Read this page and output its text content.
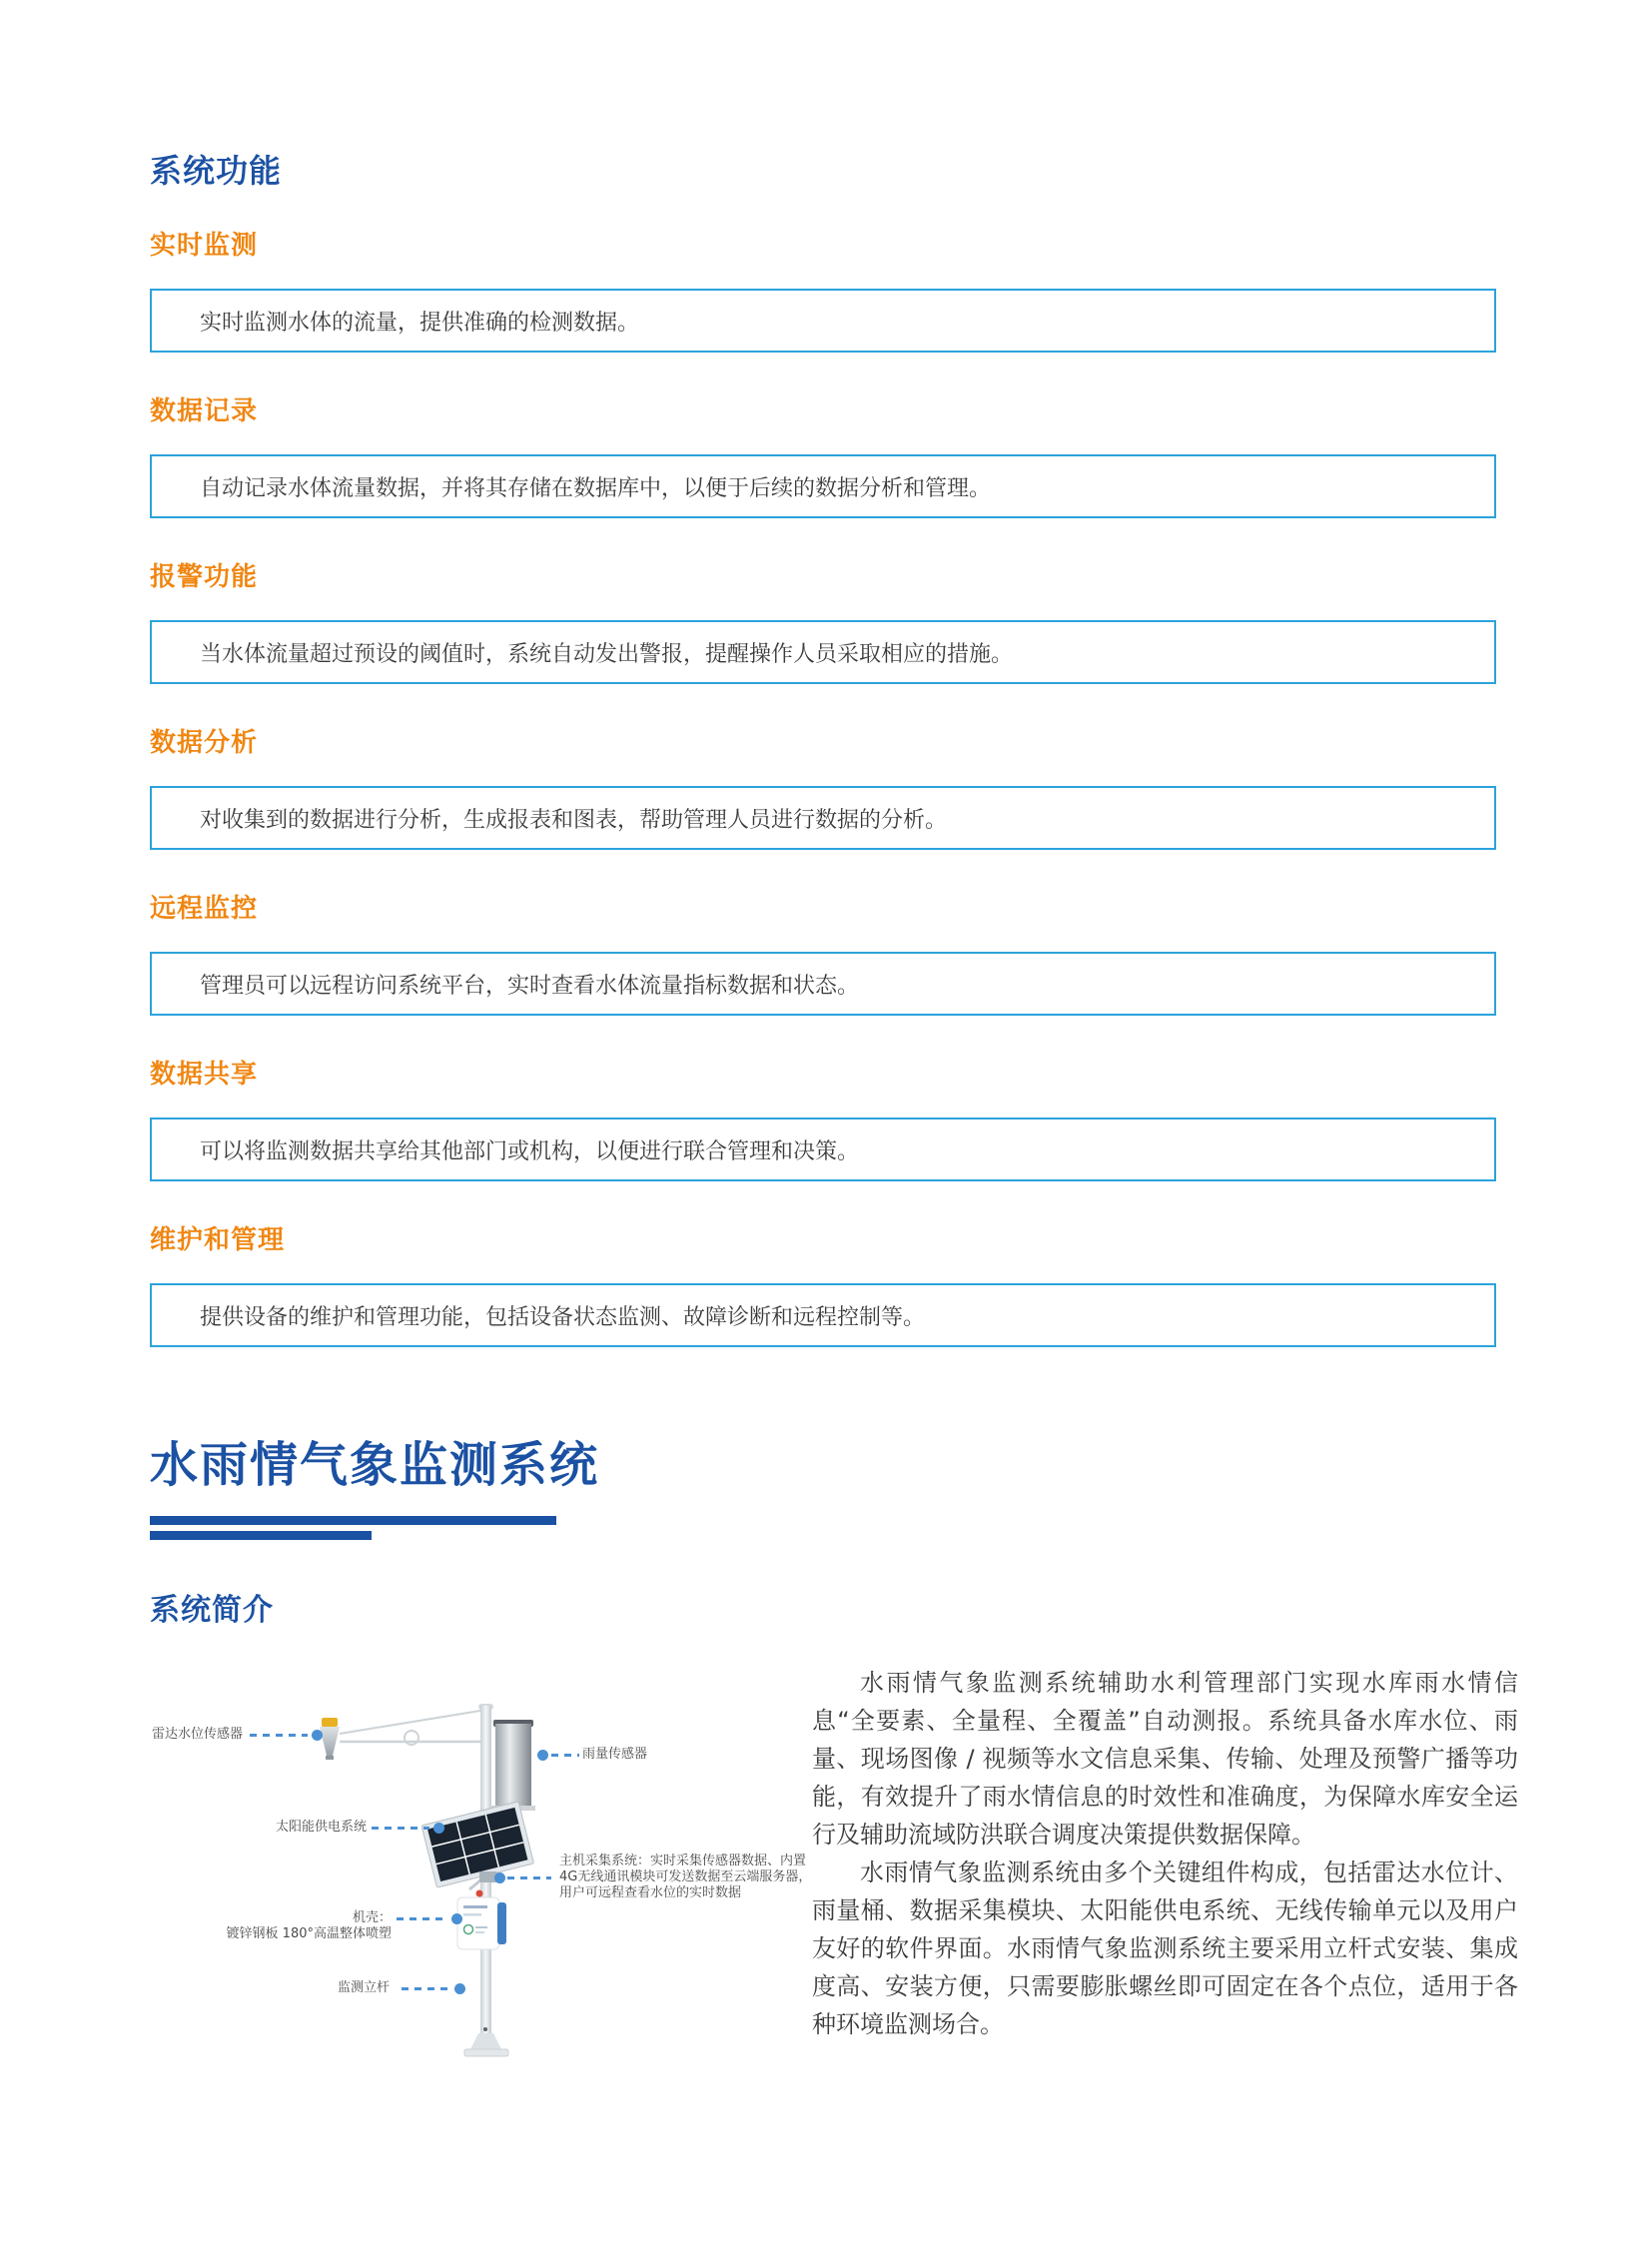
系统功能
实时监测
实时监测水体的流量，提供准确的检测数据。
数据记录
自动记录水体流量数据，并将其存储在数据库中，以便于后续的数据分析和管理。
报警功能
当水体流量超过预设的阈值时，系统自动发出警报，提醒操作人员采取相应的措施。
数据分析
对收集到的数据进行分析，生成报表和图表，帮助管理人员进行数据的分析。
远程监控
管理员可以远程访问系统平台，实时查看水体流量指标数据和状态。
数据共享
可以将监测数据共享给其他部门或机构，以便进行联合管理和决策。
维护和管理
提供设备的维护和管理功能，包括设备状态监测、故障诊断和远程控制等。
水雨情气象监测系统
系统简介
雷达水位传感器
雨量传感器
太阳能供电系统
主机采集系统：实时采集传感器数据、内置
4G无线通讯模块可发送数据至云端服务器，
用户可远程查看水位的实时数据
机壳：
镀锌钢板 180°高温整体喷塑
监测立杆

水雨情气象监测系统辅助水利管理部门实现水库雨水情信息“全要素、全量程、全覆盖”自动测报。系统具备水库水位、雨量、现场图像 / 视频等水文信息采集、传输、处理及预警广播等功能，有效提升了雨水情信息的时效性和准确度，为保障水库安全运行及辅助流域防洪联合调度决策提供数据保障。

水雨情气象监测系统由多个关键组件构成，包括雷达水位计、雨量桶、数据采集模块、太阳能供电系统、无线传输单元以及用户友好的软件界面。水雨情气象监测系统主要采用立杆式安装、集成度高、安装方便，只需要膨胀螺丝即可固定在各个点位，适用于各种环境监测场合。
